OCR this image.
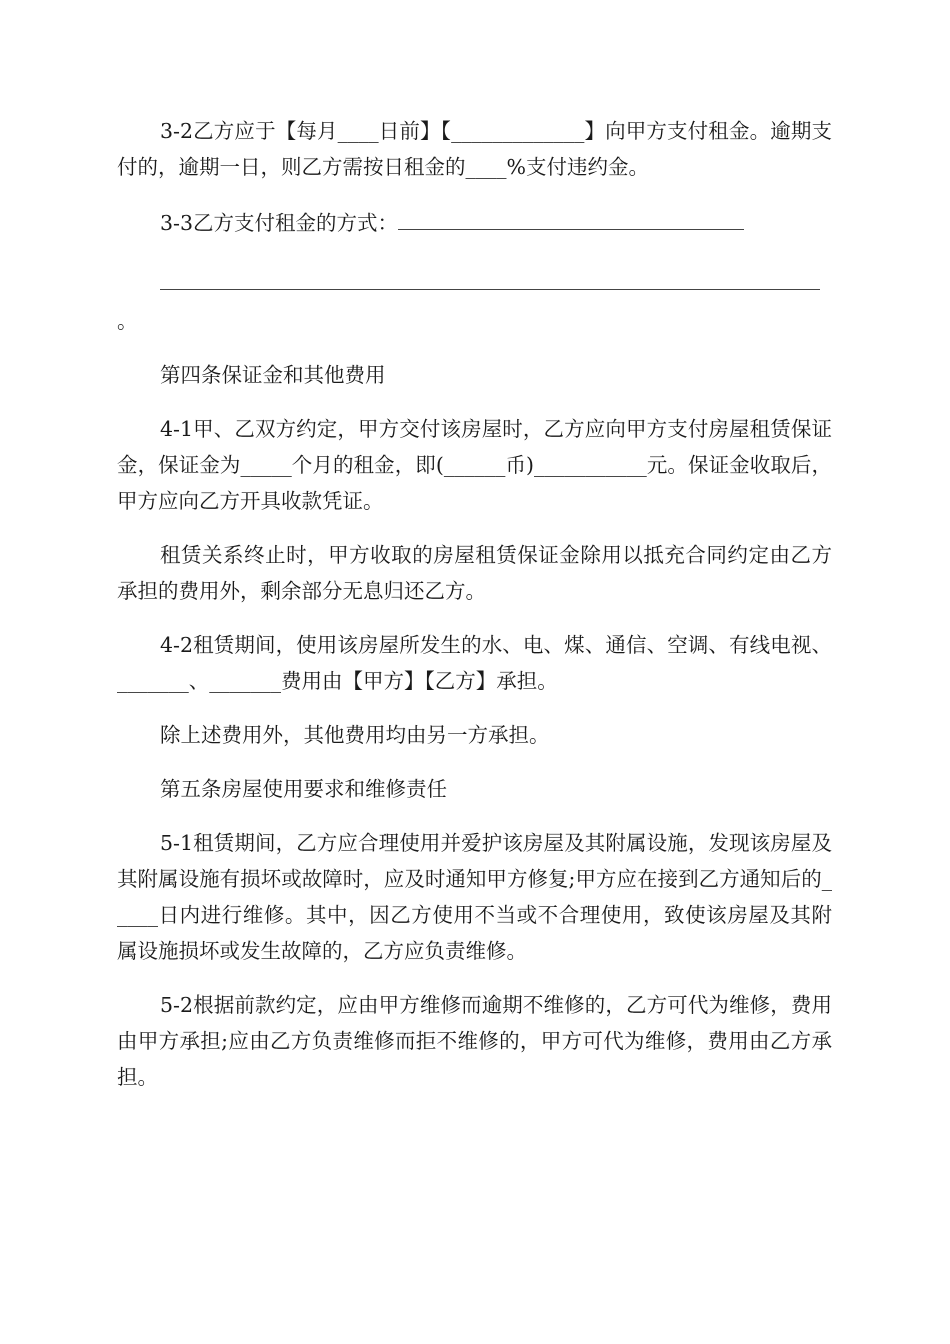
3-2乙方应于【每月____日前】【_____________】向甲方支付租金。逾期支付的，逾期一日，则乙方需按日租金的____%支付违约金。

3-3乙方支付租金的方式：

。

第四条保证金和其他费用

4-1甲、乙双方约定，甲方交付该房屋时，乙方应向甲方支付房屋租赁保证金，保证金为_____个月的租金，即(______币)___________元。保证金收取后，甲方应向乙方开具收款凭证。

租赁关系终止时，甲方收取的房屋租赁保证金除用以抵充合同约定由乙方承担的费用外，剩余部分无息归还乙方。

4-2租赁期间，使用该房屋所发生的水、电、煤、通信、空调、有线电视、_______、_______费用由【甲方】【乙方】承担。

除上述费用外，其他费用均由另一方承担。

第五条房屋使用要求和维修责任

5-1租赁期间，乙方应合理使用并爱护该房屋及其附属设施，发现该房屋及其附属设施有损坏或故障时，应及时通知甲方修复;甲方应在接到乙方通知后的_____日内进行维修。其中，因乙方使用不当或不合理使用，致使该房屋及其附属设施损坏或发生故障的，乙方应负责维修。

5-2根据前款约定，应由甲方维修而逾期不维修的，乙方可代为维修，费用由甲方承担;应由乙方负责维修而拒不维修的，甲方可代为维修，费用由乙方承担。
